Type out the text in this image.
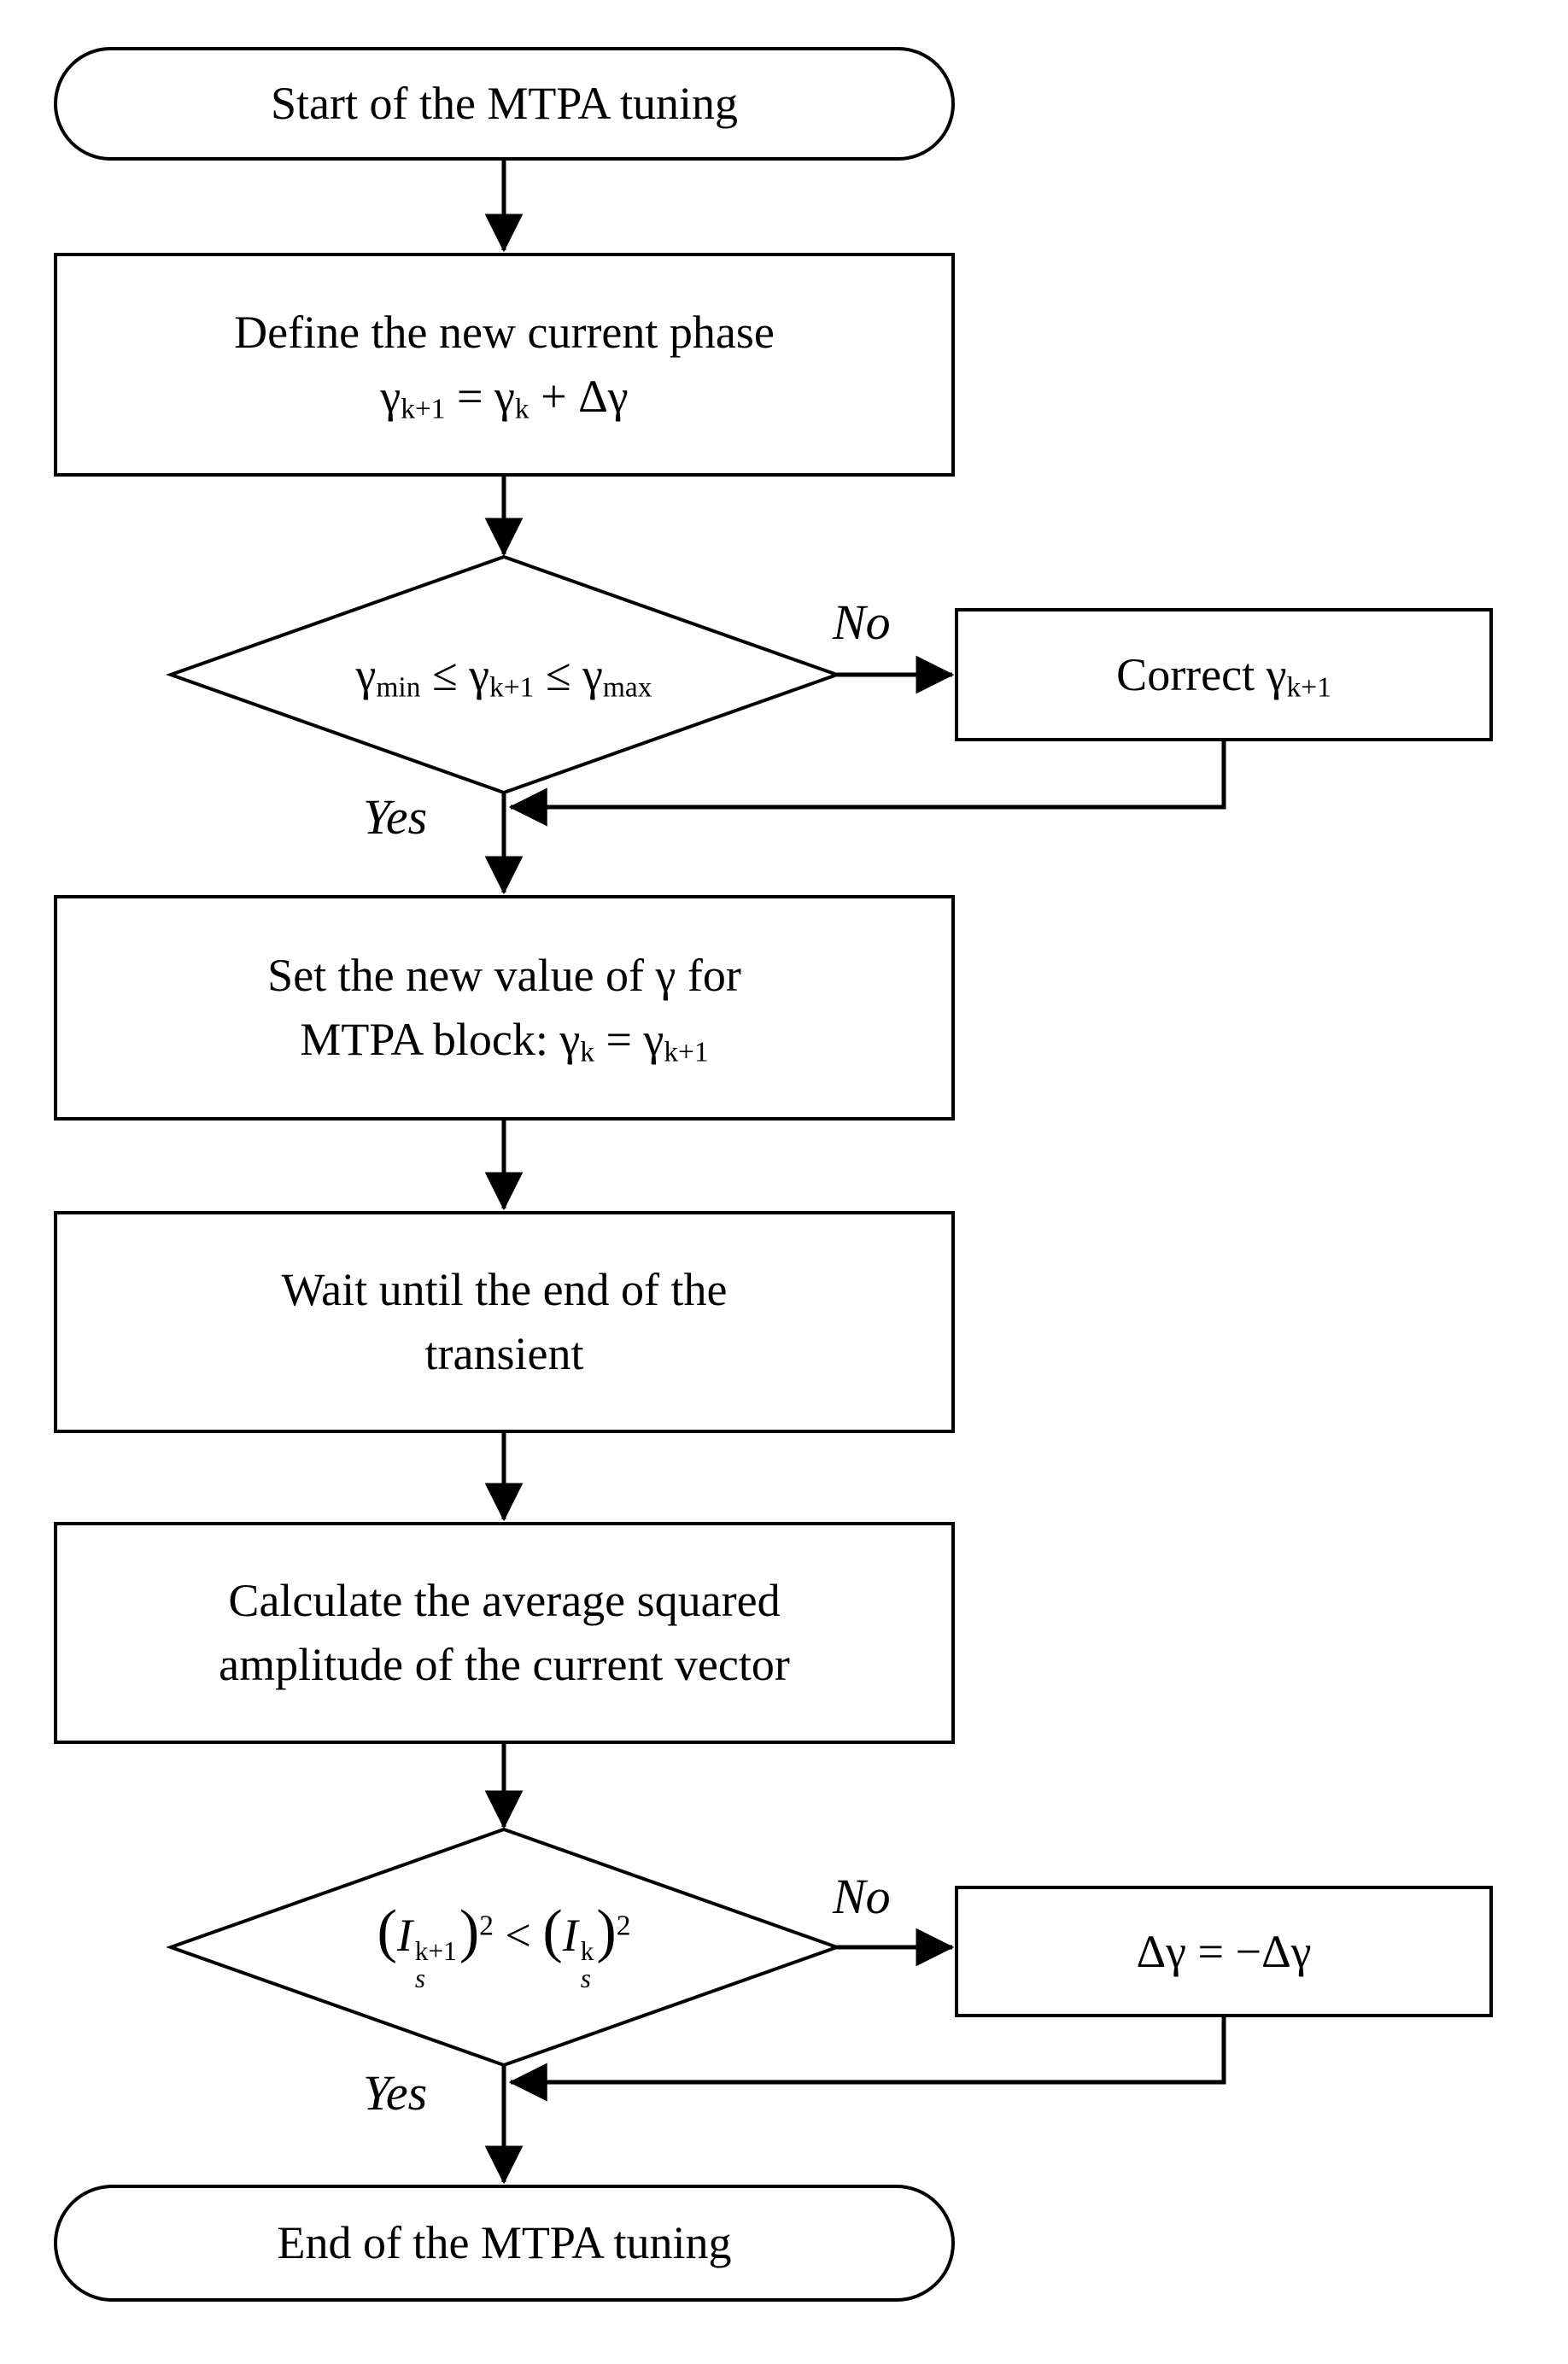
Start of the MTPA tuning
Define the new current phase
$\gamma_{k+1} = \gamma_k + \Delta\gamma$
$\gamma_{min} \le \gamma_{k+1} \le \gamma_{max}$	Correct $\gamma_{k+1}$
No
Yes
Set the new value of γ for
MTPA block: $\gamma_k = \gamma_{k+1}$
Wait until the end of the
transient
Calculate the average squared
amplitude of the current vector
(I k+1
s
)$^2$ < (I k
s
)$^2$	Δγ = −Δγ
No
Yes
End of the MTPA tuning
